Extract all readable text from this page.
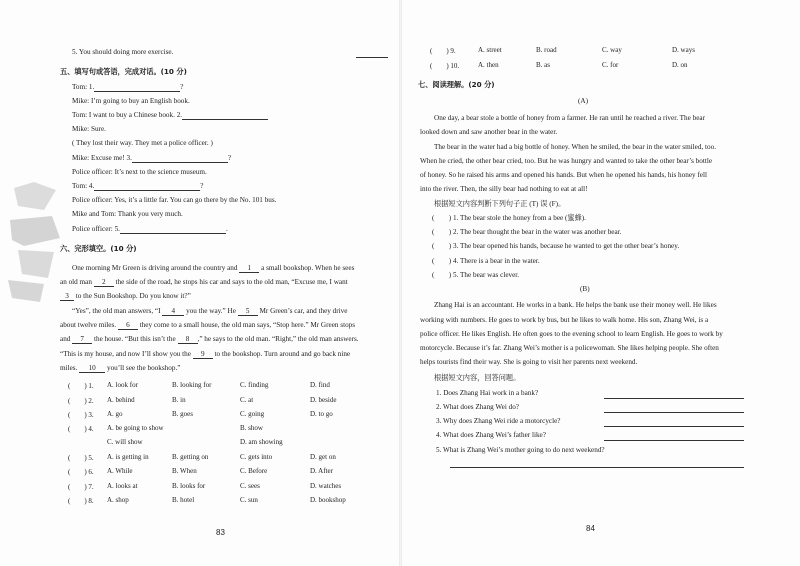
5. You should doing more exercise.
五、填写句或答语，完成对话。(10 分)
Tom: 1.	?
Mike: I’m going to buy an English book.
Tom: I want to buy a Chinese book. 2.
Mike: Sure.
( They lost their way. They met a police officer. )
Mike: Excuse me! 3.	?
Police officer: It’s next to the science museum.
Tom: 4.	?
Police officer: Yes, it’s a little far. You can go there by the No. 101 bus.
Mike and Tom: Thank you very much.
Police officer: 5.	.
六、完形填空。(10 分)
One morning Mr Green is driving around the country and 1 a small bookshop. When he sees
an old man 2 the side of the road, he stops his car and says to the old man, “Excuse me, I want
3 to the Sun Bookshop. Do you know it?”
“Yes”, the old man answers, “I 4 you the way.” He 5 Mr Green’s car, and they drive
about twelve miles. 6 they come to a small house, the old man says, “Stop here.” Mr Green stops
and 7 the house. “But this isn’t the 8 ,” he says to the old man. “Right,” the old man answers.
“This is my house, and now I’ll show you the 9 to the bookshop. Turn around and go back nine
miles. 10 you’ll see the bookshop.”
(　　) 1. A. look for	B. looking for	C. finding	D. find
(　　) 2. A. behind	B. in	C. at	D. beside
(　　) 3. A. go	B. goes	C. going	D. to go
(　　) 4. A. be going to show	B. show
C. will show	D. am showing
(　　) 5. A. is getting in	B. getting on	C. gets into	D. get on
(　　) 6. A. While	B. When	C. Before	D. After
(　　) 7. A. looks at	B. looks for	C. sees	D. watches
(　　) 8. A. shop	B. hotel	C. sun	D. bookshop
83
(　　) 9.	A. street	B. road	C. way	D. ways
(　　) 10.	A. then	B. as	C. for	D. on
七、阅读理解。(20 分)
(A)
One day, a bear stole a bottle of honey from a farmer. He ran until he reached a river. The bear
looked down and saw another bear in the water.
The bear in the water had a big bottle of honey. When he smiled, the bear in the water smiled, too.
When he cried, the other bear cried, too. But he was hungry and wanted to take the other bear’s bottle
of honey. So he raised his arms and opened his hands. But when he opened his hands, his honey fell
into the river. Then, the silly bear had nothing to eat at all!
根据短文内容判断下列句子正 (T) 误 (F)。
(　　) 1. The bear stole the honey from a bee (蜜蜂).
(　　) 2. The bear thought the bear in the water was another bear.
(　　) 3. The bear opened his hands, because he wanted to get the other bear’s honey.
(　　) 4. There is a bear in the water.
(　　) 5. The bear was clever.
(B)
Zhang Hai is an accountant. He works in a bank. He helps the bank use their money well. He likes
working with numbers. He goes to work by bus, but he likes to walk home. His son, Zhang Wei, is a
police officer. He likes English. He often goes to the evening school to learn English. He goes to work by
motorcycle. Because it’s far. Zhang Wei’s mother is a policewoman. She likes helping people. She often
helps tourists find their way. She is going to visit her parents next weekend.
根据短文内容，回答问题。
1. Does Zhang Hai work in a bank?
2. What does Zhang Wei do?
3. Why does Zhang Wei ride a motorcycle?
4. What does Zhang Wei’s father like?
5. What is Zhang Wei’s mother going to do next weekend?
84
